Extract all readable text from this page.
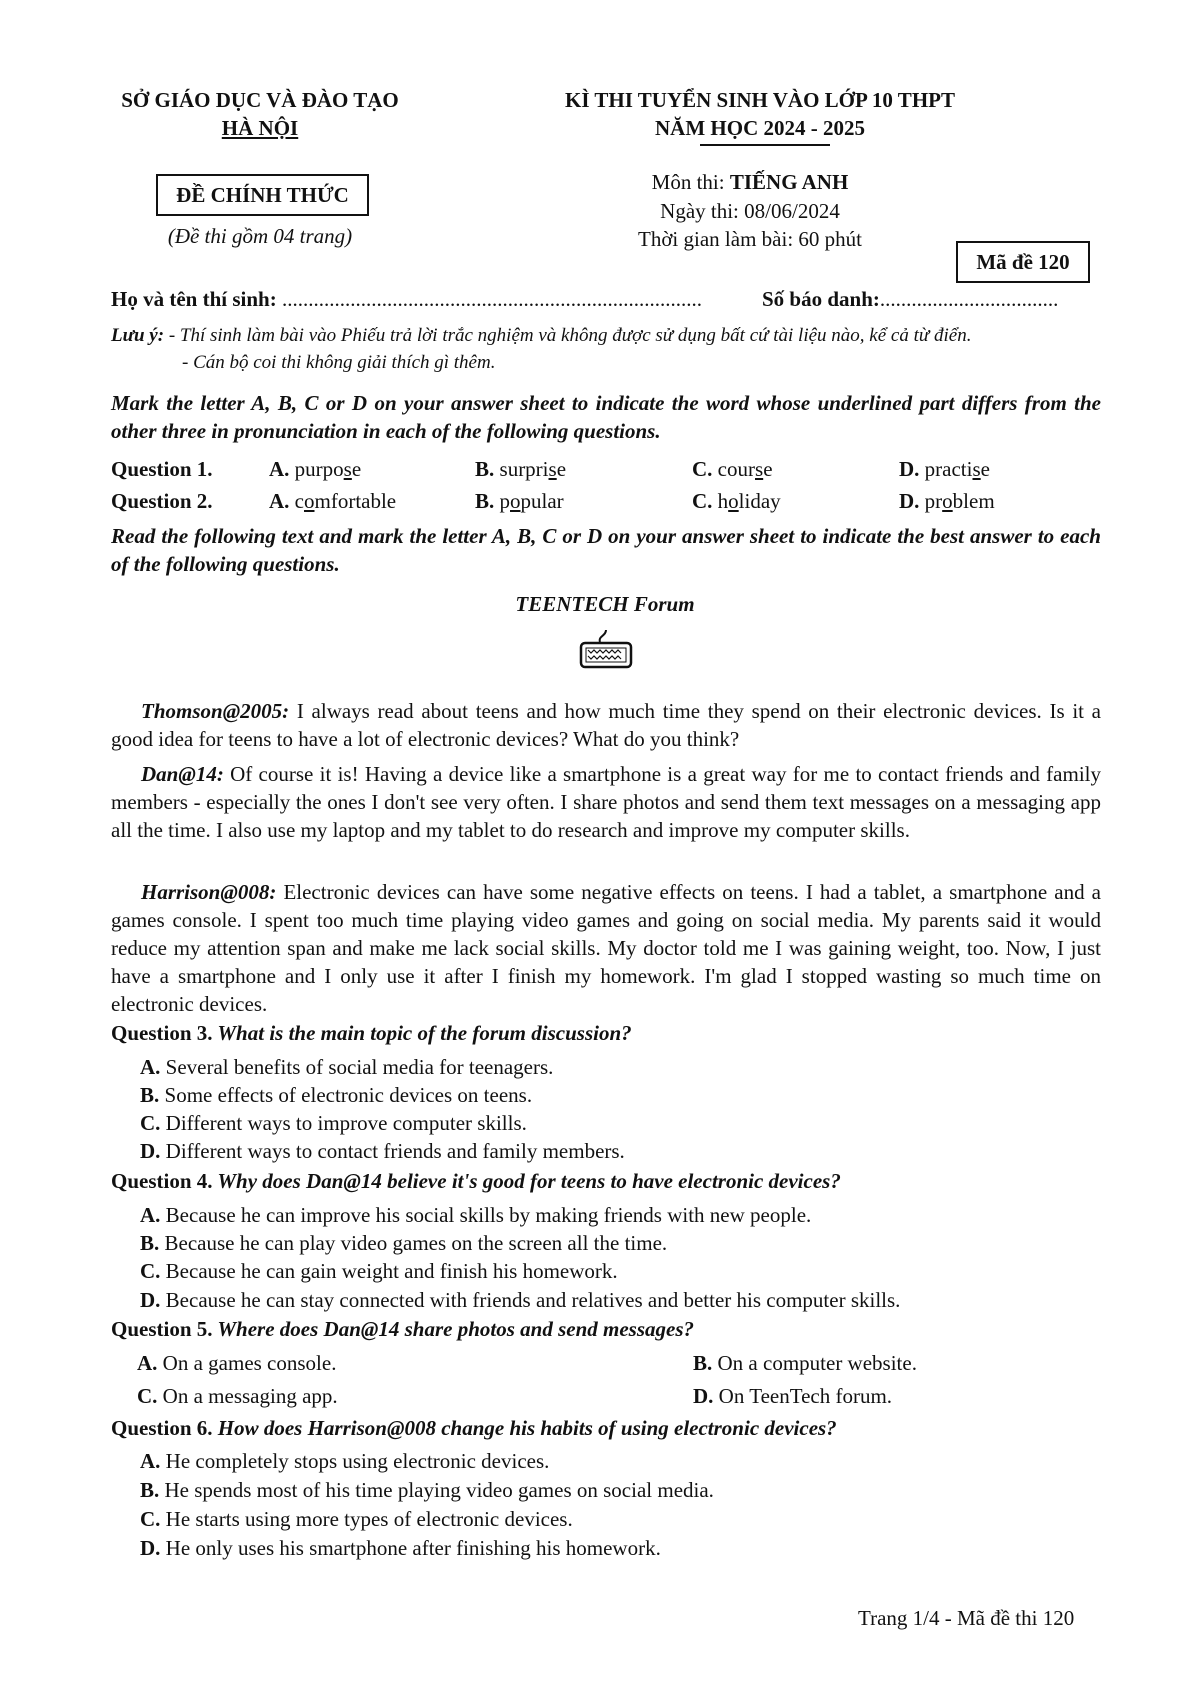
SỞ GIÁO DỤC VÀ ĐÀO TẠO
HÀ NỘI
KÌ THI TUYỂN SINH VÀO LỚP 10 THPT
NĂM HỌC 2024 - 2025
ĐỀ CHÍNH THỨC
(Đề thi gồm 04 trang)
Môn thi: TIẾNG ANH
Ngày thi: 08/06/2024
Thời gian làm bài: 60 phút
Mã đề 120
Họ và tên thí sinh: ................................................................................	Số báo danh:..................................
Lưu ý: - Thí sinh làm bài vào Phiếu trả lời trắc nghiệm và không được sử dụng bất cứ tài liệu nào, kể cả từ điển.
- Cán bộ coi thi không giải thích gì thêm.
Mark the letter A, B, C or D on your answer sheet to indicate the word whose underlined part differs from the other three in pronunciation in each of the following questions.
Question 1.	A. purpose	B. surprise	C. course	D. practise
Question 2.	A. comfortable	B. popular	C. holiday	D. problem
Read the following text and mark the letter A, B, C or D on your answer sheet to indicate the best answer to each of the following questions.
TEENTECH Forum
Thomson@2005: I always read about teens and how much time they spend on their electronic devices. Is it a good idea for teens to have a lot of electronic devices? What do you think?
Dan@14: Of course it is! Having a device like a smartphone is a great way for me to contact friends and family members - especially the ones I don't see very often. I share photos and send them text messages on a messaging app all the time. I also use my laptop and my tablet to do research and improve my computer skills.
Harrison@008: Electronic devices can have some negative effects on teens. I had a tablet, a smartphone and a games console. I spent too much time playing video games and going on social media. My parents said it would reduce my attention span and make me lack social skills. My doctor told me I was gaining weight, too. Now, I just have a smartphone and I only use it after I finish my homework. I'm glad I stopped wasting so much time on electronic devices.
Question 3. What is the main topic of the forum discussion?
A. Several benefits of social media for teenagers.
B. Some effects of electronic devices on teens.
C. Different ways to improve computer skills.
D. Different ways to contact friends and family members.
Question 4. Why does Dan@14 believe it's good for teens to have electronic devices?
A. Because he can improve his social skills by making friends with new people.
B. Because he can play video games on the screen all the time.
C. Because he can gain weight and finish his homework.
D. Because he can stay connected with friends and relatives and better his computer skills.
Question 5. Where does Dan@14 share photos and send messages?
A. On a games console.	B. On a computer website.
C. On a messaging app.	D. On TeenTech forum.
Question 6. How does Harrison@008 change his habits of using electronic devices?
A. He completely stops using electronic devices.
B. He spends most of his time playing video games on social media.
C. He starts using more types of electronic devices.
D. He only uses his smartphone after finishing his homework.
Trang 1/4 - Mã đề thi 120
